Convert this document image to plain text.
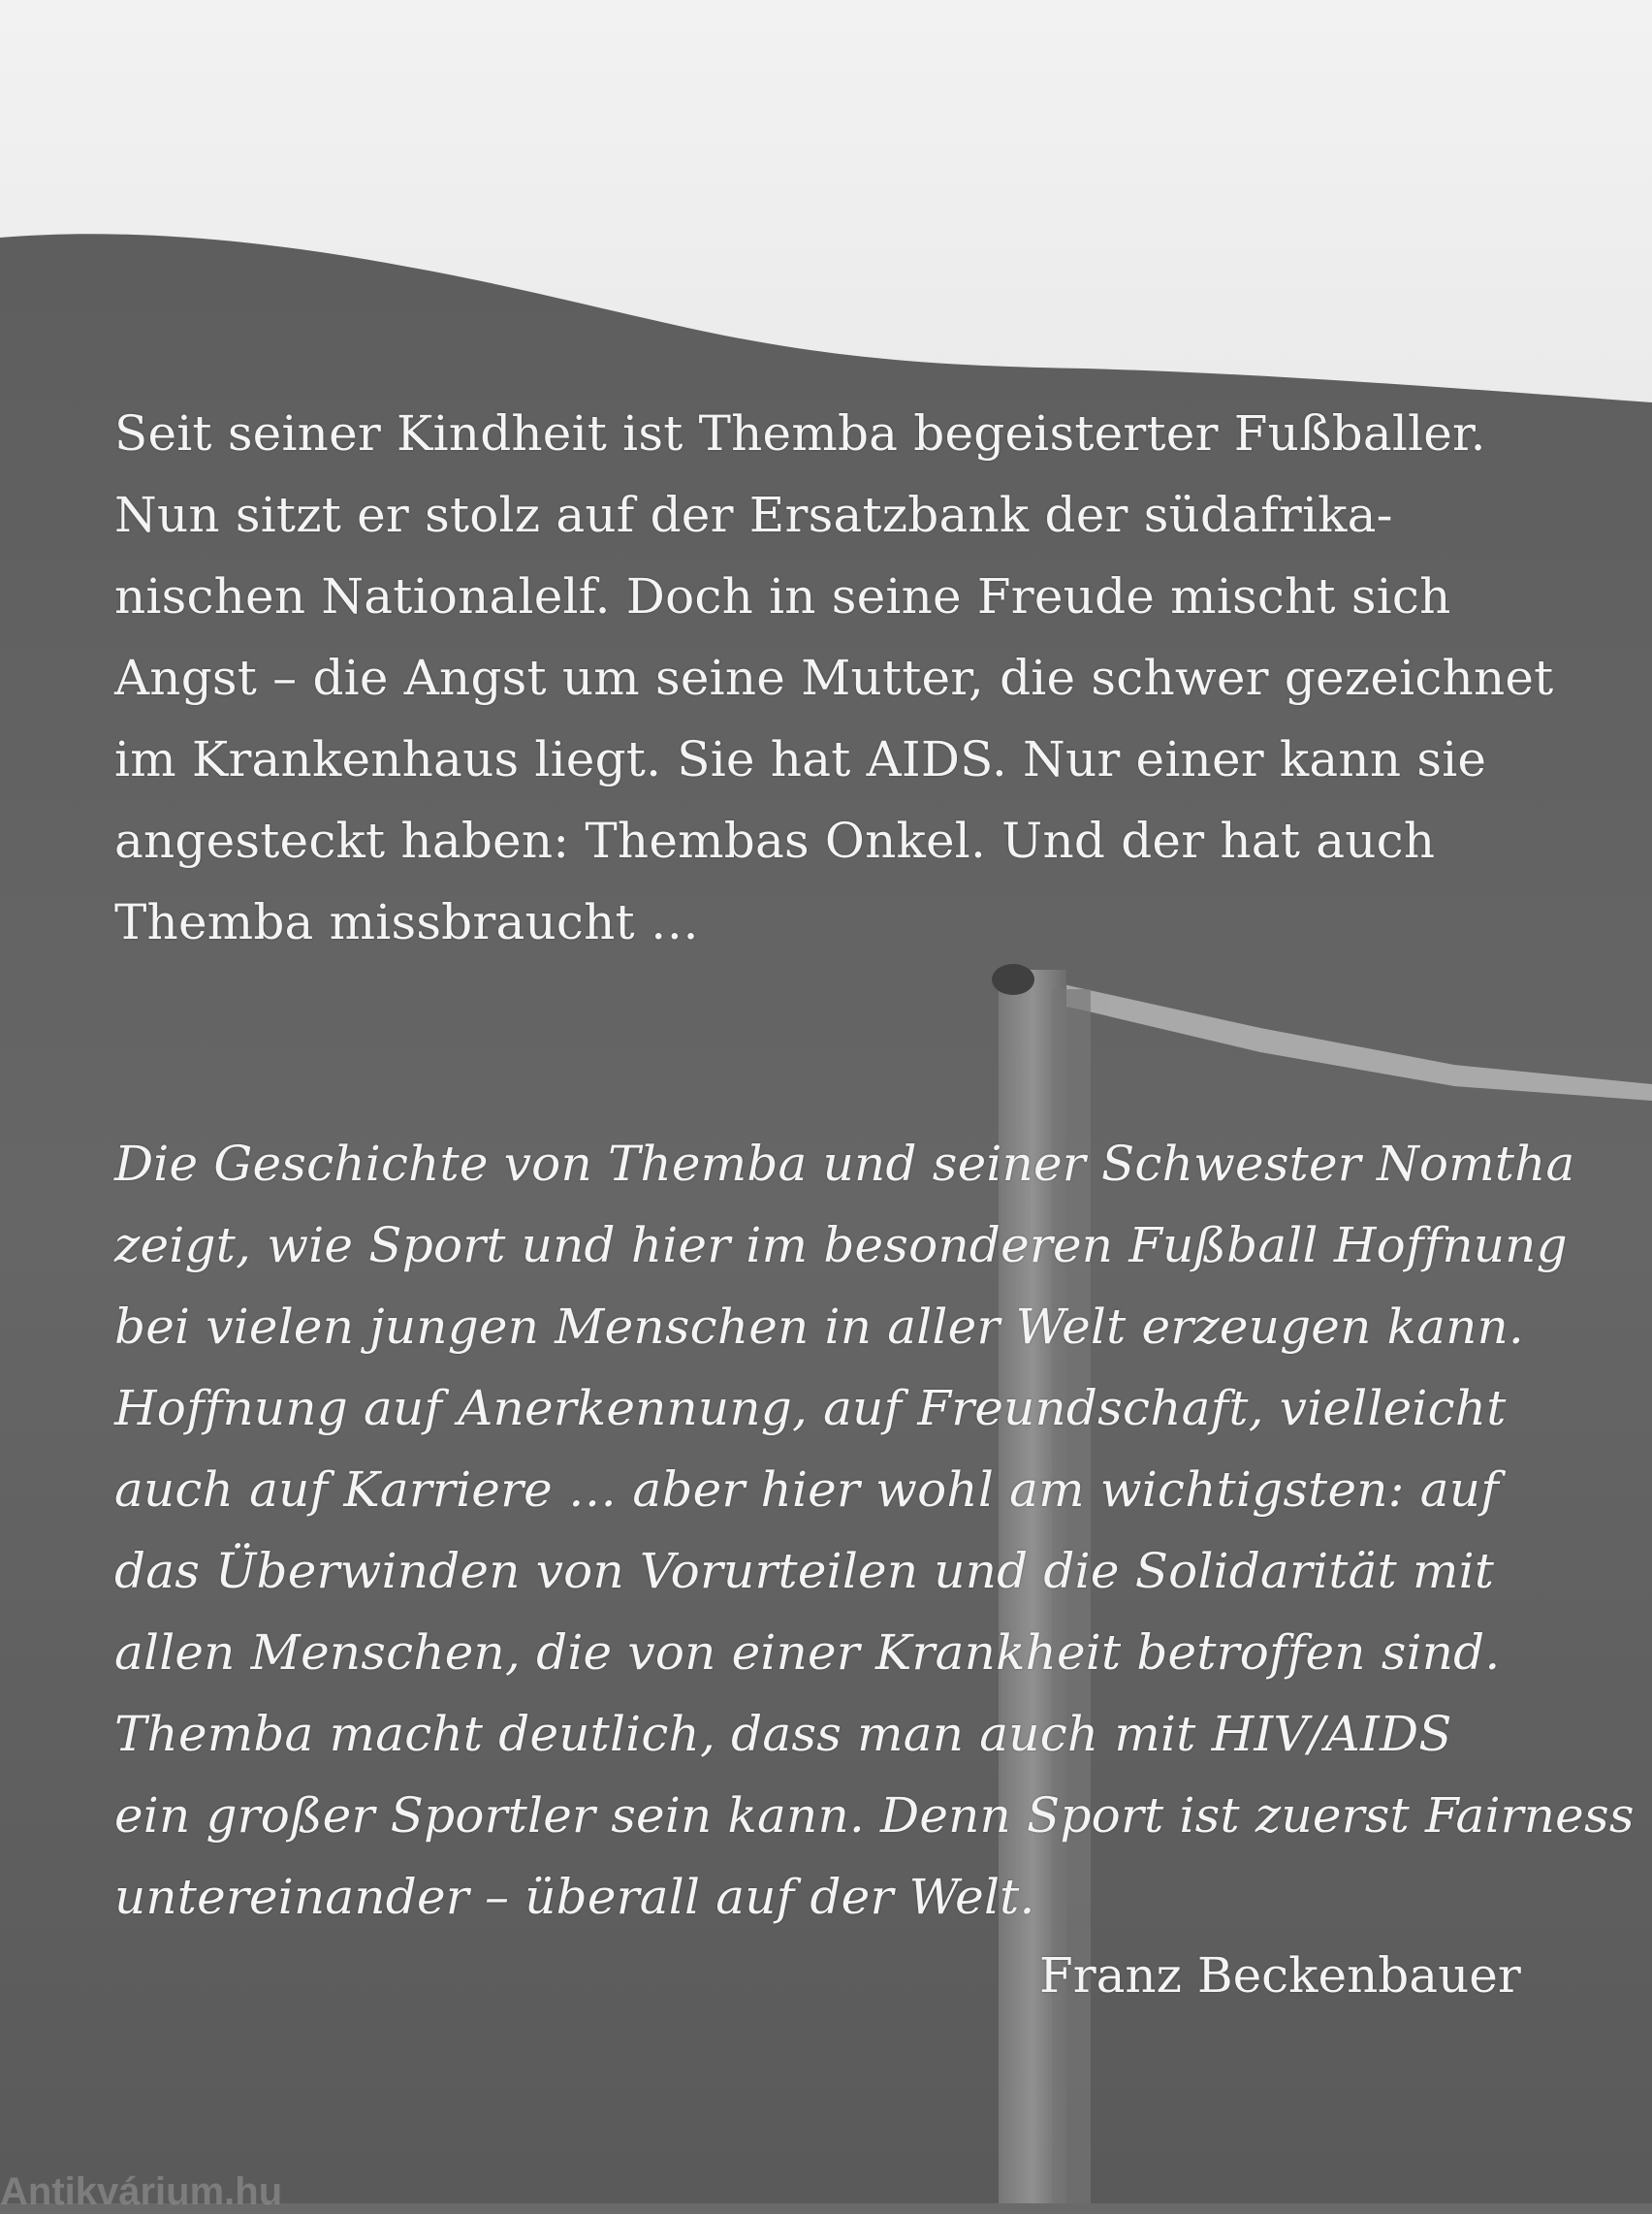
Seit seiner Kindheit ist Themba begeisterter Fußballer.
Nun sitzt er stolz auf der Ersatzbank der südafrika-
nischen Nationalelf. Doch in seine Freude mischt sich
Angst – die Angst um seine Mutter, die schwer gezeichnet
im Krankenhaus liegt. Sie hat AIDS. Nur einer kann sie
angesteckt haben: Thembas Onkel. Und der hat auch
Themba missbraucht …
Die Geschichte von Themba und seiner Schwester Nomtha
zeigt, wie Sport und hier im besonderen Fußball Hoffnung
bei vielen jungen Menschen in aller Welt erzeugen kann.
Hoffnung auf Anerkennung, auf Freundschaft, vielleicht
auch auf Karriere … aber hier wohl am wichtigsten: auf
das Überwinden von Vorurteilen und die Solidarität mit
allen Menschen, die von einer Krankheit betroffen sind.
Themba macht deutlich, dass man auch mit HIV/AIDS
ein großer Sportler sein kann. Denn Sport ist zuerst Fairness
untereinander – überall auf der Welt.
Franz Beckenbauer
Antikvárium.hu
